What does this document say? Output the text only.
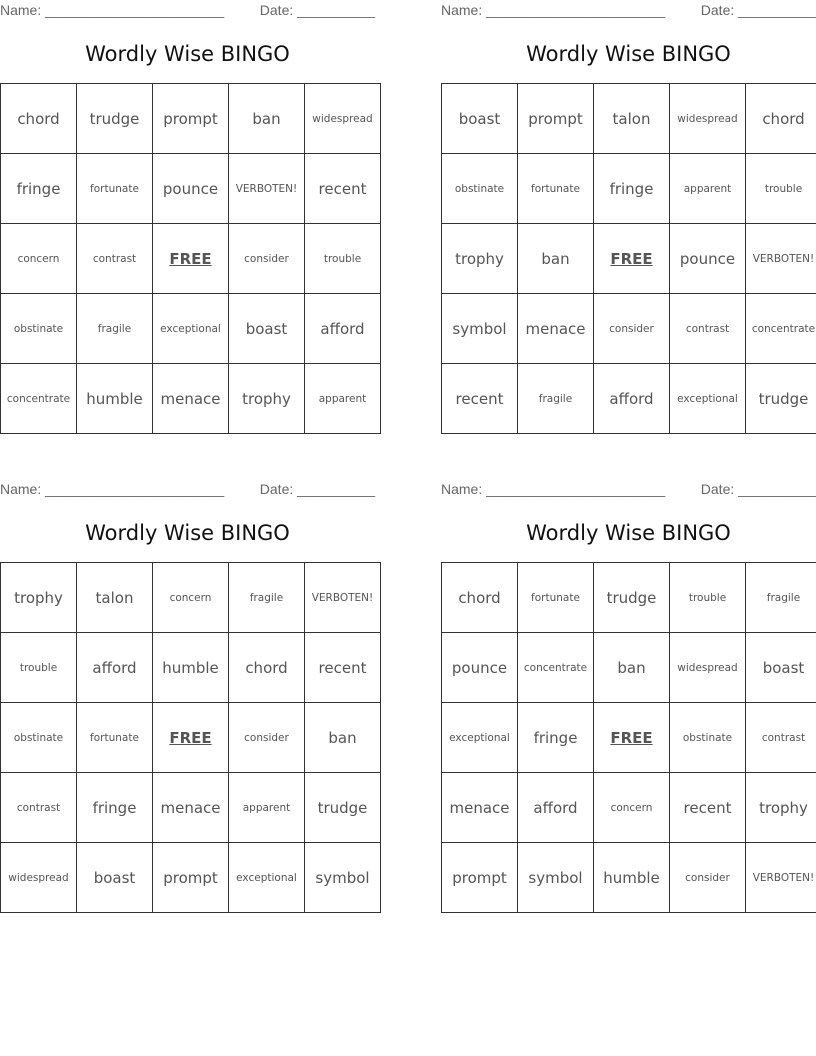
Name: _______________________	Date: __________
Wordly Wise BINGO
chord	trudge	prompt	ban	widespread
fringe	fortunate	pounce	VERBOTEN!	recent
concern	contrast	FREE	consider	trouble
obstinate	fragile	exceptional	boast	afford
concentrate	humble	menace	trophy	apparent
Name: _______________________	Date: __________
Wordly Wise BINGO
boast	prompt	talon	widespread	chord
obstinate	fortunate	fringe	apparent	trouble
trophy	ban	FREE	pounce	VERBOTEN!
symbol	menace	consider	contrast	concentrate
recent	fragile	afford	exceptional	trudge
Name: _______________________	Date: __________
Wordly Wise BINGO
trophy	talon	concern	fragile	VERBOTEN!
trouble	afford	humble	chord	recent
obstinate	fortunate	FREE	consider	ban
contrast	fringe	menace	apparent	trudge
widespread	boast	prompt	exceptional	symbol
Name: _______________________	Date: __________
Wordly Wise BINGO
chord	fortunate	trudge	trouble	fragile
pounce	concentrate	ban	widespread	boast
exceptional	fringe	FREE	obstinate	contrast
menace	afford	concern	recent	trophy
prompt	symbol	humble	consider	VERBOTEN!
